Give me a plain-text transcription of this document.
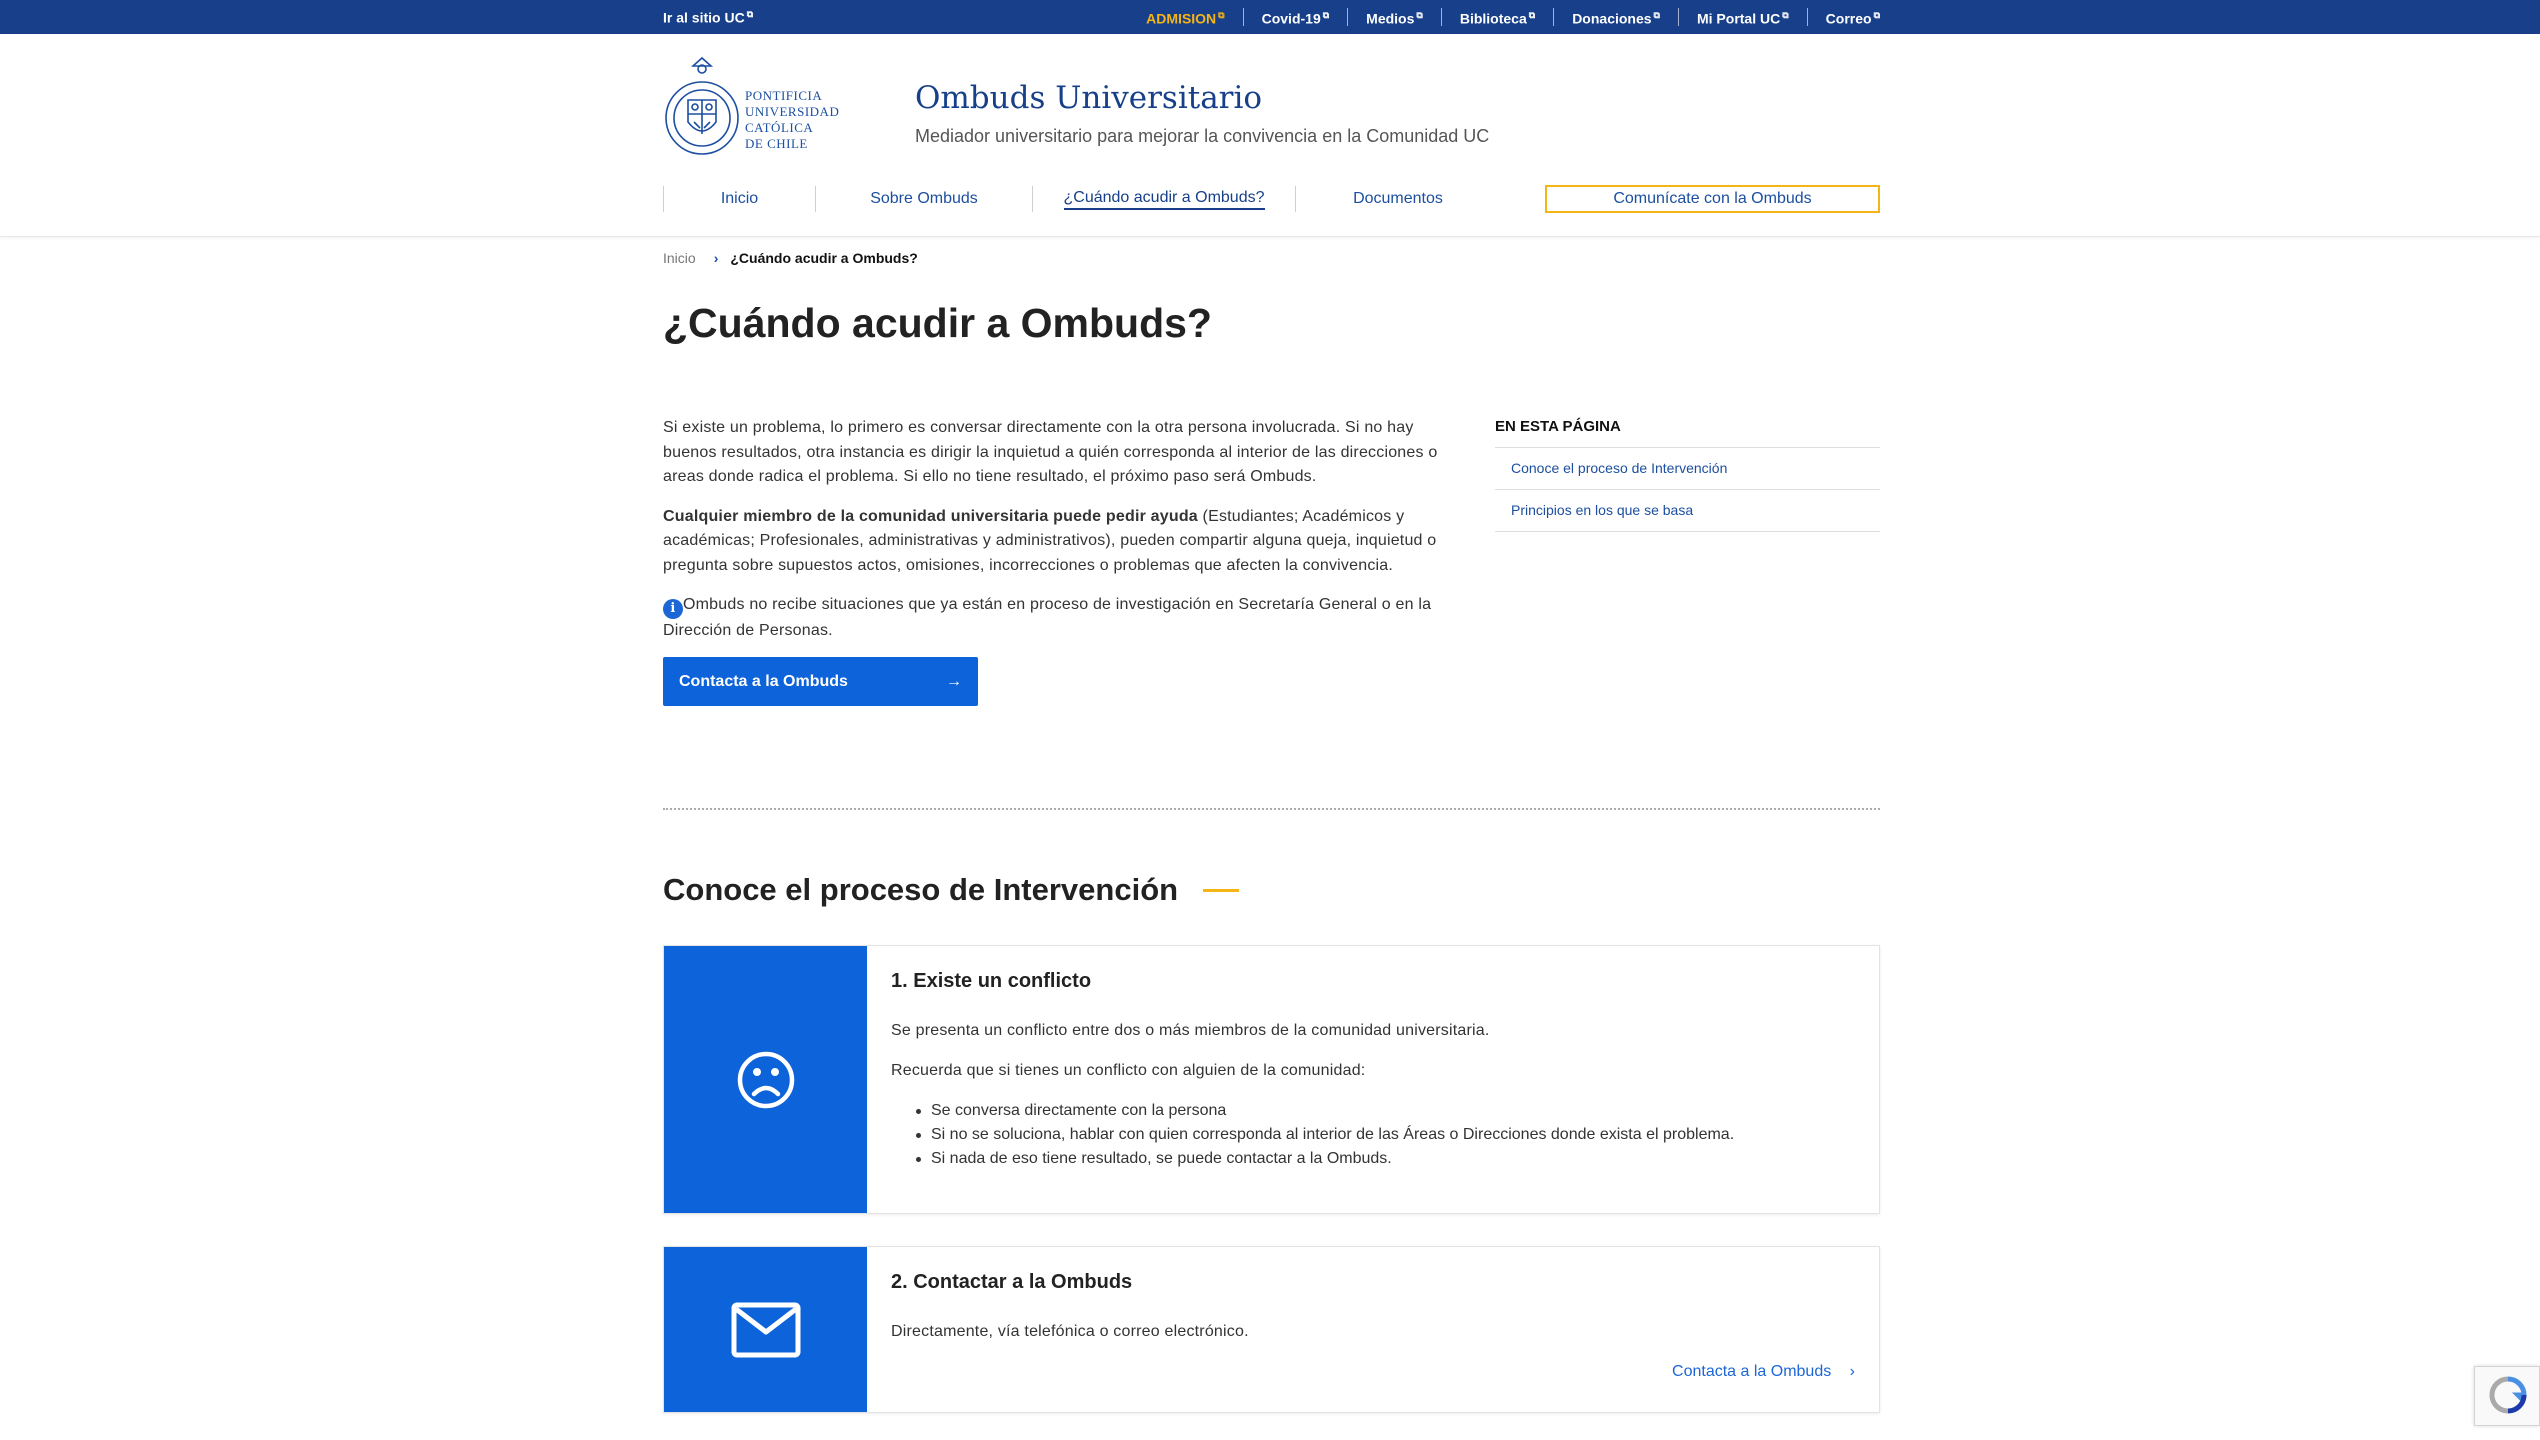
Ir al sitio UC ⧉	ADMISION ⧉	Covid-19 ⧉	Medios ⧉	Biblioteca ⧉	Donaciones ⧉	Mi Portal UC ⧉	Correo ⧉
PONTIFICIA
UNIVERSIDAD
CATÓLICA
DE CHILE
Ombuds Universitario
Mediador universitario para mejorar la convivencia en la Comunidad UC
Inicio	Sobre Ombuds	¿Cuándo acudir a Ombuds?	Documentos	Comunícate con la Ombuds
Inicio › ¿Cuándo acudir a Ombuds?
¿Cuándo acudir a Ombuds?

Si existe un problema, lo primero es conversar directamente con la otra persona involucrada. Si no hay buenos resultados, otra instancia es dirigir la inquietud a quién corresponda al interior de las direcciones o areas donde radica el problema. Si ello no tiene resultado, el próximo paso será Ombuds.

Cualquier miembro de la comunidad universitaria puede pedir ayuda (Estudiantes; Académicos y académicas; Profesionales, administrativas y administrativos), pueden compartir alguna queja, inquietud o pregunta sobre supuestos actos, omisiones, incorrecciones o problemas que afecten la convivencia.

i Ombuds no recibe situaciones que ya están en proceso de investigación en Secretaría General o en la Dirección de Personas.

Contacta a la Ombuds	→
EN ESTA PÁGINA
Conoce el proceso de Intervención
Principios en los que se basa
Conoce el proceso de Intervención
1. Existe un conflicto

Se presenta un conflicto entre dos o más miembros de la comunidad universitaria.

Recuerda que si tienes un conflicto con alguien de la comunidad:

Se conversa directamente con la persona
Si no se soluciona, hablar con quien corresponda al interior de las Áreas o Direcciones donde exista el problema.
Si nada de eso tiene resultado, se puede contactar a la Ombuds.
2. Contactar a la Ombuds

Directamente, vía telefónica o correo electrónico.

Contacta a la Ombuds ›
